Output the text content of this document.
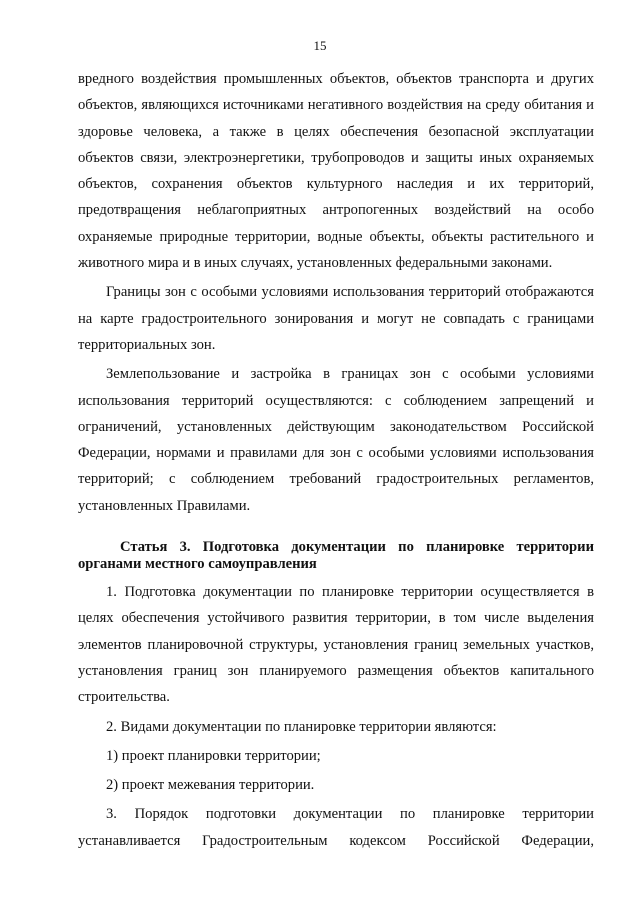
15

вредного воздействия промышленных объектов, объектов транспорта и других объектов, являющихся источниками негативного воздействия на среду обитания и здоровье человека, а также в целях обеспечения безопасной эксплуатации объектов связи, электроэнергетики, трубопроводов и защиты иных охраняемых объектов, сохранения объектов культурного наследия и их территорий, предотвращения неблагоприятных антропогенных воздействий на особо охраняемые природные территории, водные объекты, объекты растительного и животного мира и в иных случаях, установленных федеральными законами.

Границы зон с особыми условиями использования территорий отображаются на карте градостроительного зонирования и могут не совпадать с границами территориальных зон.

Землепользование и застройка в границах зон с особыми условиями использования территорий осуществляются: с соблюдением запрещений и ограничений, установленных действующим законодательством Российской Федерации, нормами и правилами для зон с особыми условиями использования территорий; с соблюдением требований градостроительных регламентов, установленных Правилами.

Статья 3. Подготовка документации по планировке территории органами местного самоуправления

1. Подготовка документации по планировке территории осуществляется в целях обеспечения устойчивого развития территории, в том числе выделения элементов планировочной структуры, установления границ земельных участков, установления границ зон планируемого размещения объектов капитального строительства.

2. Видами документации по планировке территории являются:

1) проект планировки территории;

2) проект межевания территории.

3. Порядок подготовки документации по планировке территории устанавливается Градостроительным кодексом Российской Федерации,
